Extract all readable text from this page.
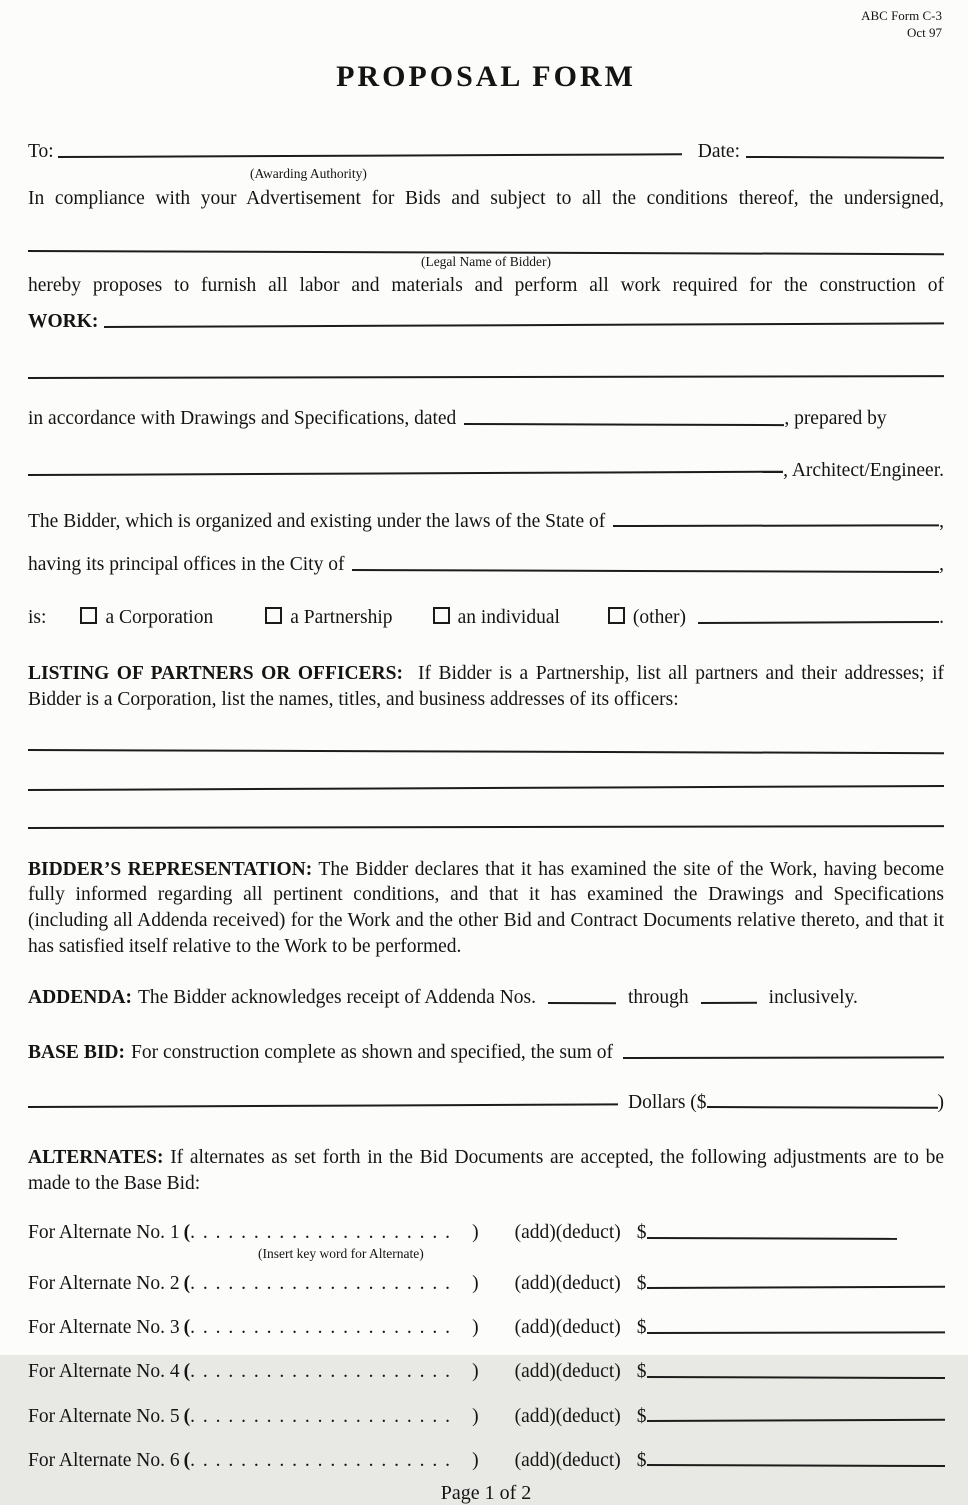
ABC Form C-3
Oct 97
PROPOSAL FORM
To:	Date:
(Awarding Authority)
In compliance with your Advertisement for Bids and subject to all the conditions thereof, the undersigned,
(Legal Name of Bidder)
hereby proposes to furnish all labor and materials and perform all work required for the construction of
WORK:
in accordance with Drawings and Specifications, dated	, prepared by
, Architect/Engineer.
The Bidder, which is organized and existing under the laws of the State of	,
having its principal offices in the City of	,
is:	a Corporation	a Partnership	an individual	(other)	.
LISTING OF PARTNERS OR OFFICERS: If Bidder is a Partnership, list all partners and their addresses; if Bidder is a Corporation, list the names, titles, and business addresses of its officers:
BIDDER’S REPRESENTATION: The Bidder declares that it has examined the site of the Work, having become fully informed regarding all pertinent conditions, and that it has examined the Drawings and Specifications (including all Addenda received) for the Work and the other Bid and Contract Documents relative thereto, and that it has satisfied itself relative to the Work to be performed.
ADDENDA: The Bidder acknowledges receipt of Addenda Nos.	through	inclusively.
BASE BID: For construction complete as shown and specified, the sum of
Dollars ($	)
ALTERNATES: If alternates as set forth in the Bid Documents are accepted, the following adjustments are to be made to the Base Bid:
For Alternate No. 1 ( . . . . . . . . . . . . . . . . . . . . .	) (add)(deduct) $
(Insert key word for Alternate)
For Alternate No. 2 ( . . . . . . . . . . . . . . . . . . . . .	) (add)(deduct) $
For Alternate No. 3 ( . . . . . . . . . . . . . . . . . . . . .	) (add)(deduct) $
For Alternate No. 4 ( . . . . . . . . . . . . . . . . . . . . .	) (add)(deduct) $
For Alternate No. 5 ( . . . . . . . . . . . . . . . . . . . . .	) (add)(deduct) $
For Alternate No. 6 ( . . . . . . . . . . . . . . . . . . . . .	) (add)(deduct) $
Page 1 of 2
